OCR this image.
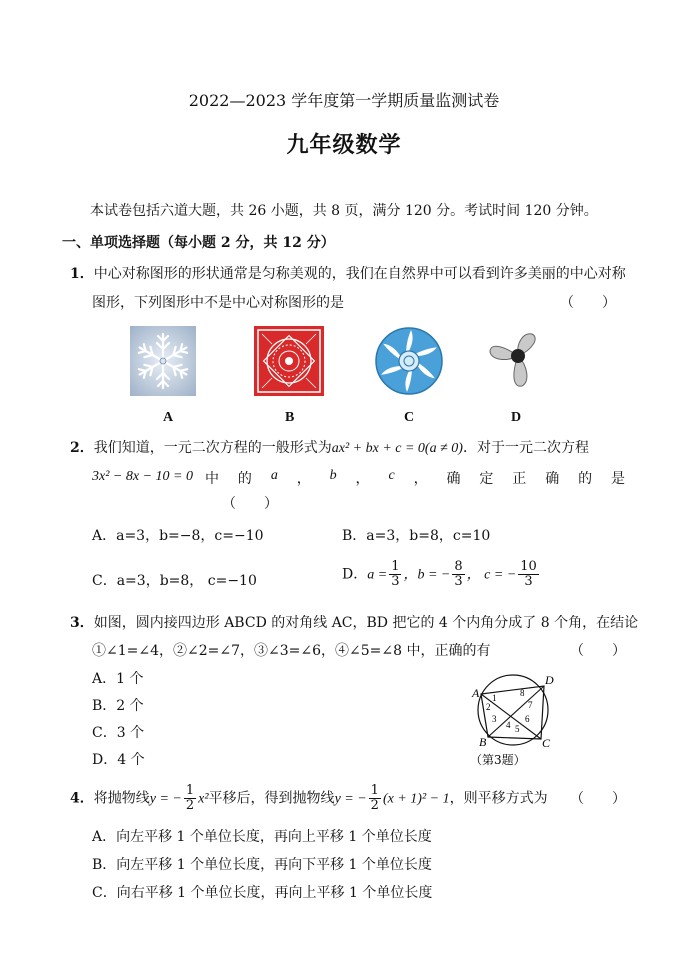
2022—2023 学年度第一学期质量监测试卷
九年级数学
本试卷包括六道大题，共 26 小题，共 8 页，满分 120 分。考试时间 120 分钟。
一、单项选择题（每小题 2 分，共 12 分）
1．中心对称图形的形状通常是匀称美观的，我们在自然界中可以看到许多美丽的中心对称
图形，下列图形中不是中心对称图形的是	（　　）
A	B	C	D
2．我们知道，一元二次方程的一般形式为ax² + bx + c = 0(a ≠ 0)．对于一元二次方程
3x² − 8x − 10 = 0 中 的 a ， b ， c ， 确 定 正 确 的 是
（　　）
A．a=3，b=−8，c=−10	B．a=3，b=8，c=10
C．a=3，b=8， c=−10	D．$a = \frac{1}{3}$ ，b = − $\frac{8}{3}$ ， c = − $\frac{10}{3}$
3．如图，圆内接四边形 ABCD 的对角线 AC，BD 把它的 4 个内角分成了 8 个角，在结论
①∠1=∠4，②∠2=∠7，③∠3=∠6，④∠5=∠8 中，正确的有	（　　）
A．1 个
B．2 个
C．3 个
D．4 个
A
B	C
D
1
2
3
4 5
6
7
8
（第3题）
4．将抛物线y = − $\frac{1}{2} x^2$平移后，得到抛物线y = − $\frac{1}{2} (x + 1)^2 - 1$，则平移方式为 （　　）
A．向左平移 1 个单位长度，再向上平移 1 个单位长度
B．向左平移 1 个单位长度，再向下平移 1 个单位长度
C．向右平移 1 个单位长度，再向上平移 1 个单位长度
